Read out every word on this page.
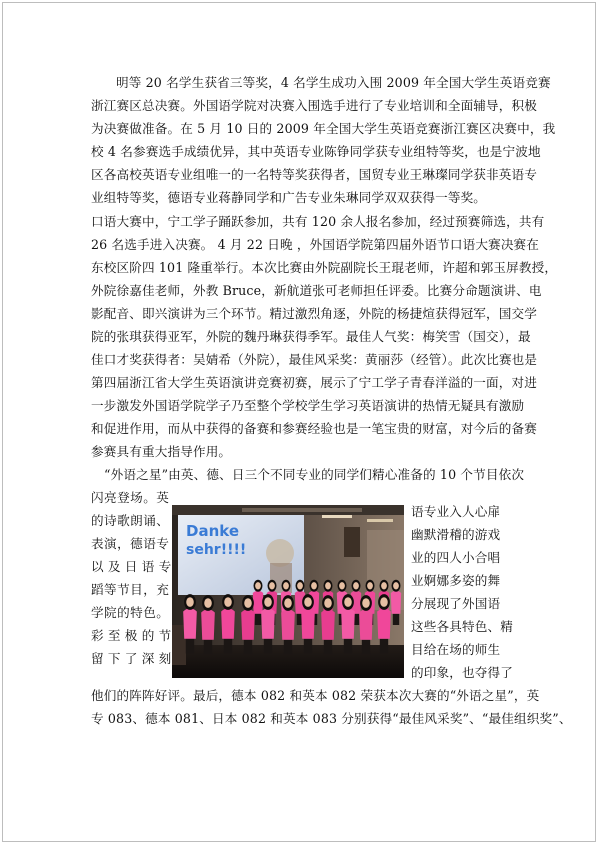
明等 20 名学生获省三等奖，4 名学生成功入围 2009 年全国大学生英语竞赛
浙江赛区总决赛。外国语学院对决赛入围选手进行了专业培训和全面辅导，积极
为决赛做准备。在 5 月 10 日的 2009 年全国大学生英语竞赛浙江赛区决赛中，我
校 4 名参赛选手成绩优异，其中英语专业陈铮同学获专业组特等奖，也是宁波地
区各高校英语专业组唯一的一名特等奖获得者，国贸专业王琳璨同学获非英语专
业组特等奖，德语专业蒋静同学和广告专业朱琳同学双双获得一等奖。
口语大赛中，宁工学子踊跃参加，共有 120 余人报名参加，经过预赛筛选，共有
26 名选手进入决赛。 4 月 22 日晚 ，外国语学院第四届外语节口语大赛决赛在
东校区阶四 101 隆重举行。本次比赛由外院副院长王琨老师，许超和郭玉屏教授，
外院徐嘉佳老师，外教 Bruce，新航道张可老师担任评委。比赛分命题演讲、电
影配音、即兴演讲为三个环节。精过激烈角逐，外院的杨捷煊获得冠军，国交学
院的张琪获得亚军，外院的魏丹琳获得季军。最佳人气奖：梅笑雪（国交），最
佳口才奖获得者：吴婧希（外院），最佳风采奖：黄丽莎（经管）。此次比赛也是
第四届浙江省大学生英语演讲竞赛初赛，展示了宁工学子青春洋溢的一面，对进
一步激发外国语学院学子乃至整个学校学生学习英语演讲的热情无疑具有激励
和促进作用，而从中获得的备赛和参赛经验也是一笔宝贵的财富，对今后的备赛
参赛具有重大指导作用。
“外语之星”由英、德、日三个不同专业的同学们精心准备的 10 个节目依次
闪亮登场。英
的诗歌朗诵、
表演，德语专
以 及 日 语 专
蹈等节目，充
学院的特色。
彩 至 极 的 节
留 下 了 深 刻
语专业入人心扉
幽默滑稽的游戏
业的四人小合唱
业婀娜多姿的舞
分展现了外国语
这些各具特色、精
目给在场的师生
的印象，也夺得了
他们的阵阵好评。最后，德本 082 和英本 082 荣获本次大赛的“外语之星”，英
专 083、德本 081、日本 082 和英本 083 分别获得“最佳风采奖”、“最佳组织奖”、
Danke
sehr!!!!
